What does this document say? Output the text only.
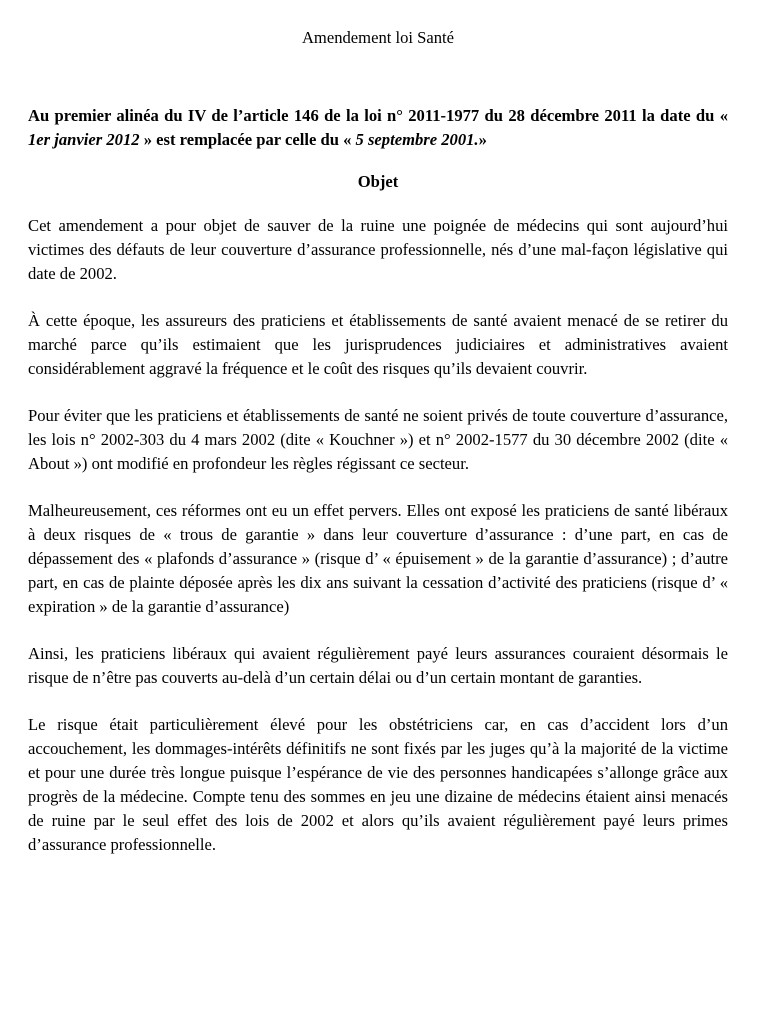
Amendement loi Santé

Au premier alinéa du IV de l’article 146 de la loi n° 2011-1977 du 28 décembre 2011 la date du « 1er janvier 2012 » est remplacée par celle du « 5 septembre 2001.»

Objet

Cet amendement a pour objet de sauver de la ruine une poignée de médecins qui sont aujourd’hui victimes des défauts de leur couverture d’assurance professionnelle, nés d’une mal-façon législative qui date de 2002.

À cette époque, les assureurs des praticiens et établissements de santé avaient menacé de se retirer du marché parce qu’ils estimaient que les jurisprudences judiciaires et administratives avaient considérablement aggravé la fréquence et le coût des risques qu’ils devaient couvrir.

Pour éviter que les praticiens et établissements de santé ne soient privés de toute couverture d’assurance, les lois n° 2002-303 du 4 mars 2002 (dite « Kouchner ») et n° 2002-1577 du 30 décembre 2002 (dite « About ») ont modifié en profondeur les règles régissant ce secteur.

Malheureusement, ces réformes ont eu un effet pervers. Elles ont exposé les praticiens de santé libéraux à deux risques de « trous de garantie » dans leur couverture d’assurance : d’une part, en cas de dépassement des « plafonds d’assurance » (risque d’ « épuisement » de la garantie d’assurance) ; d’autre part, en cas de plainte déposée après les dix ans suivant la cessation d’activité des praticiens (risque d’ « expiration » de la garantie d’assurance)

Ainsi, les praticiens libéraux qui avaient régulièrement payé leurs assurances couraient désormais le risque de n’être pas couverts au-delà d’un certain délai ou d’un certain montant de garanties.

Le risque était particulièrement élevé pour les obstétriciens car, en cas d’accident lors d’un accouchement, les dommages-intérêts définitifs ne sont fixés par les juges qu’à la majorité de la victime et pour une durée très longue puisque l’espérance de vie des personnes handicapées s’allonge grâce aux progrès de la médecine. Compte tenu des sommes en jeu une dizaine de médecins étaient ainsi menacés de ruine par le seul effet des lois de 2002 et alors qu’ils avaient régulièrement payé leurs primes d’assurance professionnelle.
